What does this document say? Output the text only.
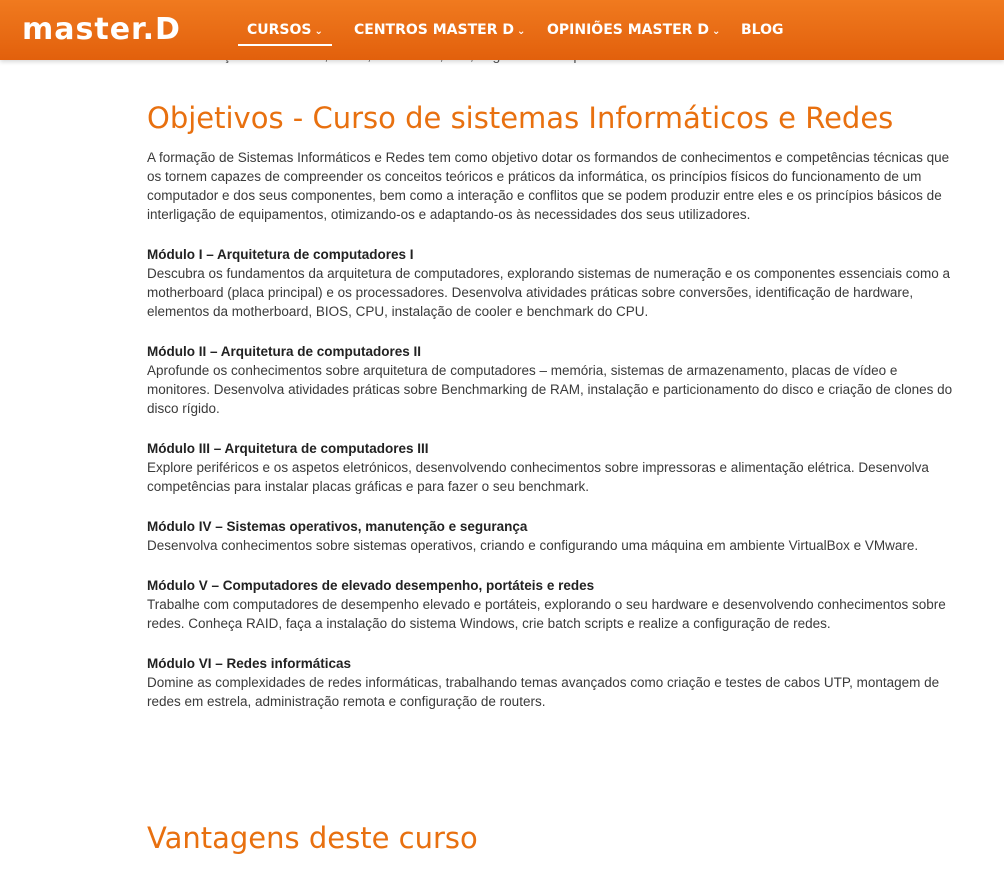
master.D	CURSOS ⌄ CENTROS MASTER D ⌄ OPINIÕES MASTER D ⌄ BLOG
Objetivos - Curso de sistemas Informáticos e Redes

A formação de Sistemas Informáticos e Redes tem como objetivo dotar os formandos de conhecimentos e competências técnicas que os tornem capazes de compreender os conceitos teóricos e práticos da informática, os princípios físicos do funcionamento de um computador e dos seus componentes, bem como a interação e conflitos que se podem produzir entre eles e os princípios básicos de interligação de equipamentos, otimizando-os e adaptando-os às necessidades dos seus utilizadores.

Módulo I – Arquitetura de computadores I

Descubra os fundamentos da arquitetura de computadores, explorando sistemas de numeração e os componentes essenciais como a motherboard (placa principal) e os processadores. Desenvolva atividades práticas sobre conversões, identificação de hardware, elementos da motherboard, BIOS, CPU, instalação de cooler e benchmark do CPU.

Módulo II – Arquitetura de computadores II

Aprofunde os conhecimentos sobre arquitetura de computadores – memória, sistemas de armazenamento, placas de vídeo e monitores. Desenvolva atividades práticas sobre Benchmarking de RAM, instalação e particionamento do disco e criação de clones do disco rígido.

Módulo III – Arquitetura de computadores III

Explore periféricos e os aspetos eletrónicos, desenvolvendo conhecimentos sobre impressoras e alimentação elétrica. Desenvolva competências para instalar placas gráficas e para fazer o seu benchmark.

Módulo IV – Sistemas operativos, manutenção e segurança

Desenvolva conhecimentos sobre sistemas operativos, criando e configurando uma máquina em ambiente VirtualBox e VMware.

Módulo V – Computadores de elevado desempenho, portáteis e redes

Trabalhe com computadores de desempenho elevado e portáteis, explorando o seu hardware e desenvolvendo conhecimentos sobre redes. Conheça RAID, faça a instalação do sistema Windows, crie batch scripts e realize a configuração de redes.

Módulo VI – Redes informáticas

Domine as complexidades de redes informáticas, trabalhando temas avançados como criação e testes de cabos UTP, montagem de redes em estrela, administração remota e configuração de routers.

Vantagens deste curso
